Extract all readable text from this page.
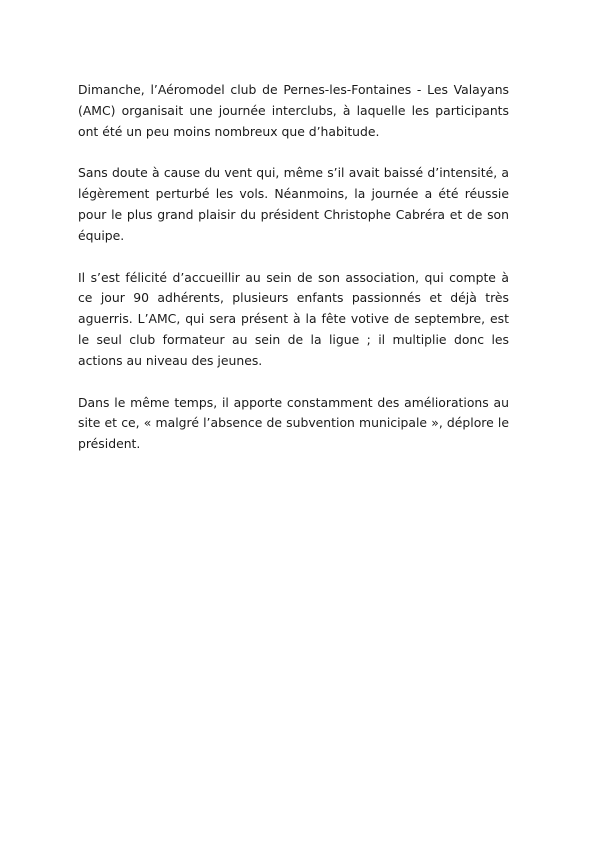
Dimanche, l’Aéromodel club de Pernes-les-Fontaines - Les Valayans (AMC) organisait une journée interclubs, à laquelle les participants ont été un peu moins nombreux que d’habitude.

Sans doute à cause du vent qui, même s’il avait baissé d’intensité, a légèrement perturbé les vols. Néanmoins, la journée a été réussie pour le plus grand plaisir du président Christophe Cabréra et de son équipe.

Il s’est félicité d’accueillir au sein de son association, qui compte à ce jour 90 adhérents, plusieurs enfants passionnés et déjà très aguerris. L’AMC, qui sera présent à la fête votive de septembre, est le seul club formateur au sein de la ligue ; il multiplie donc les actions au niveau des jeunes.

Dans le même temps, il apporte constamment des améliorations au site et ce, « malgré l’absence de subvention municipale », déplore le président.
